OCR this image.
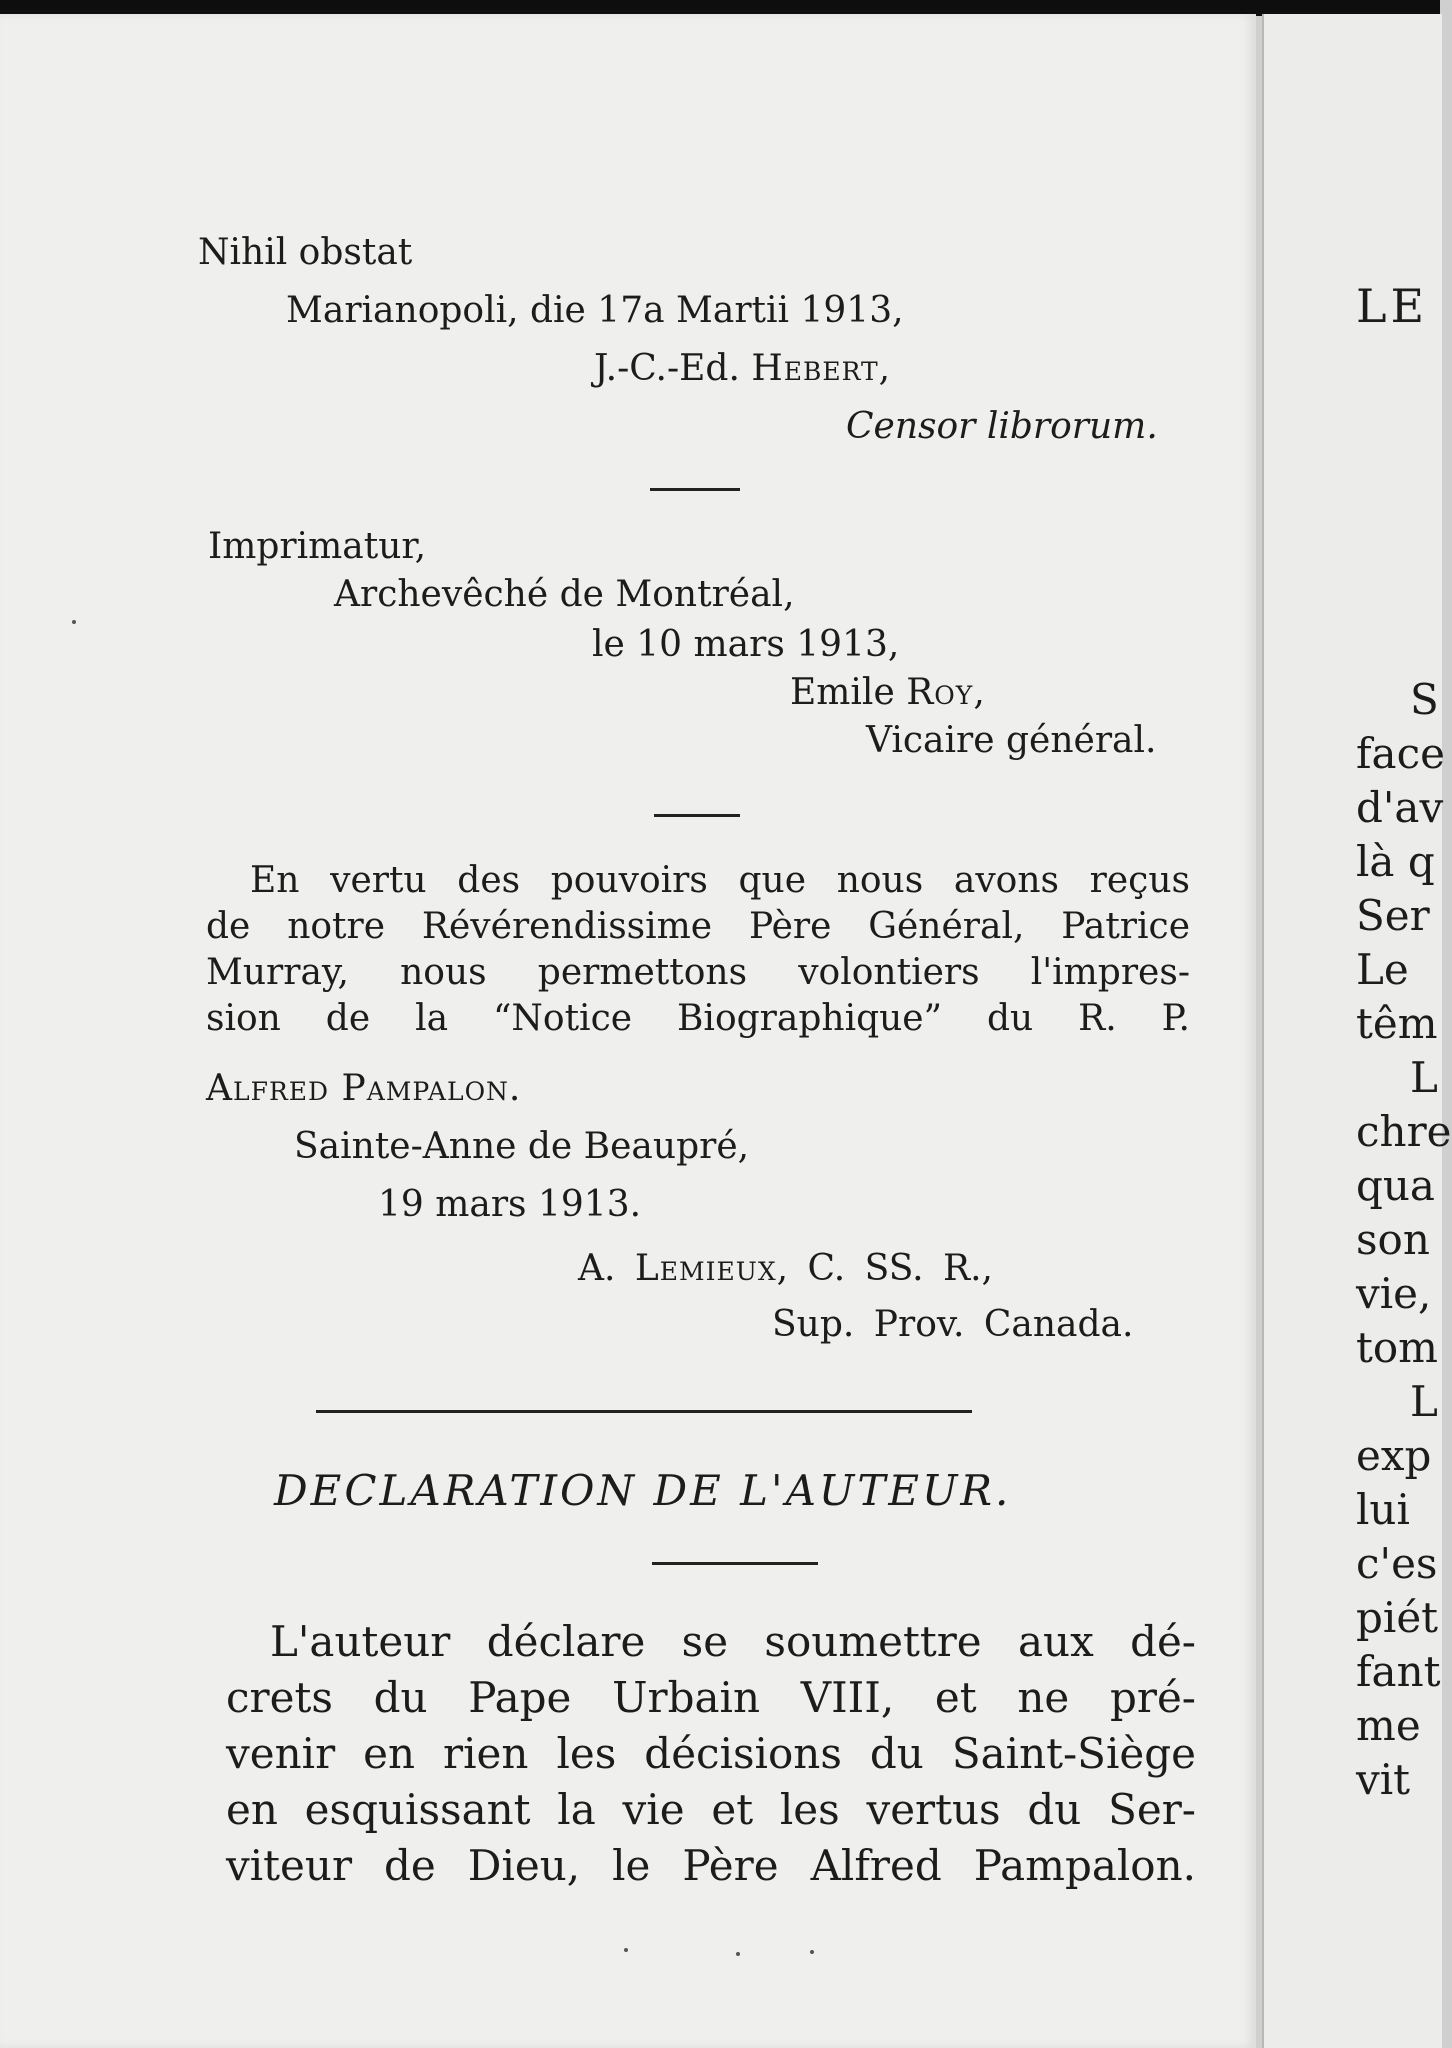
Nihil obstat
Marianopoli, die 17a Martii 1913,
J.-C.-Ed. Hebert,
Censor librorum.
Imprimatur,
Archevêché de Montréal,
le 10 mars 1913,
Emile Roy,
Vicaire général.
En vertu des pouvoirs que nous avons reçus
de notre Révérendissime Père Général, Patrice
Murray, nous permettons volontiers l'impres-
sion de la “Notice Biographique” du R. P.
Alfred Pampalon.
Sainte-Anne de Beaupré,
19 mars 1913.
A. Lemieux, C. SS. R.,
Sup. Prov. Canada.
DECLARATION DE L'AUTEUR.
L'auteur déclare se soumettre aux dé-
crets du Pape Urbain VIII, et ne pré-
venir en rien les décisions du Saint-Siège
en esquissant la vie et les vertus du Ser-
viteur de Dieu, le Père Alfred Pampalon.
LE
S
face
d'av
là q
Ser
Le
têm
L
chre
qua
son
vie,
tom
L
exp
lui
c'es
piét
fant
me
vit
